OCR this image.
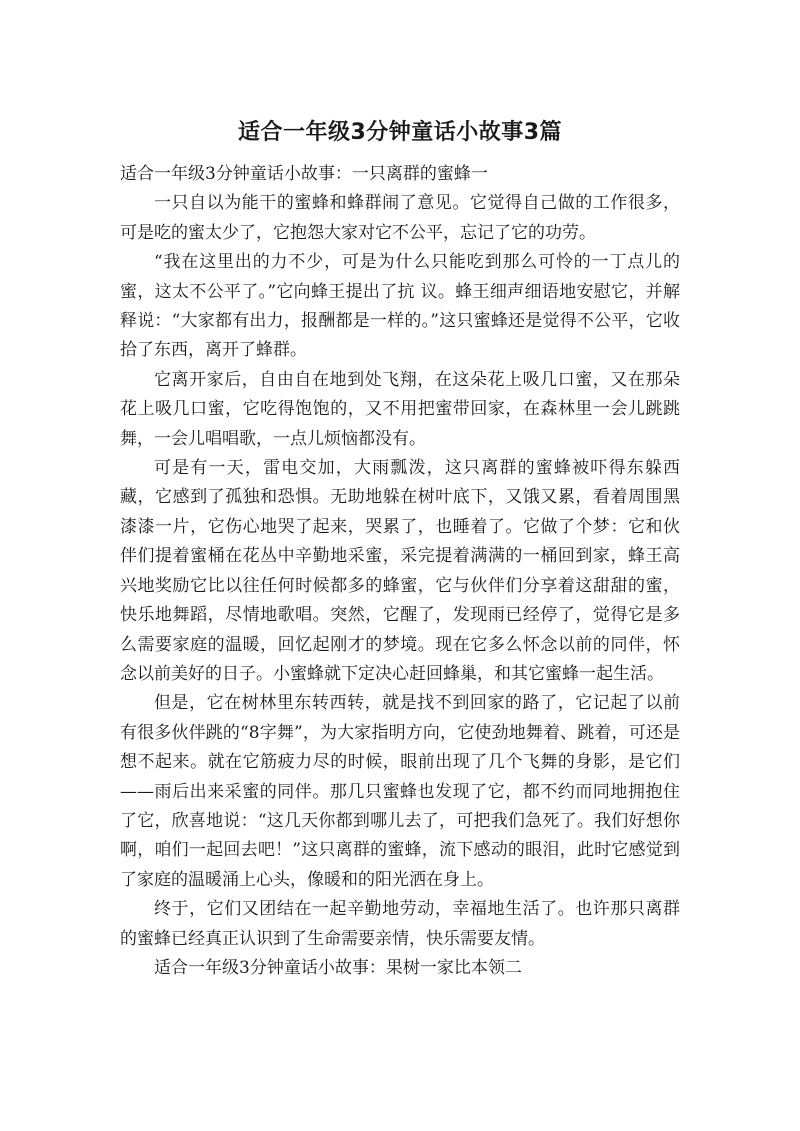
适合一年级3分钟童话小故事3篇

适合一年级3分钟童话小故事：一只离群的蜜蜂一

一只自以为能干的蜜蜂和蜂群闹了意见。它觉得自己做的工作很多，可是吃的蜜太少了，它抱怨大家对它不公平，忘记了它的功劳。

“我在这里出的力不少，可是为什么只能吃到那么可怜的一丁点儿的蜜，这太不公平了。”它向蜂王提出了抗 议。蜂王细声细语地安慰它，并解释说：“大家都有出力，报酬都是一样的。”这只蜜蜂还是觉得不公平，它收拾了东西，离开了蜂群。

它离开家后，自由自在地到处飞翔，在这朵花上吸几口蜜，又在那朵花上吸几口蜜，它吃得饱饱的，又不用把蜜带回家，在森林里一会儿跳跳舞，一会儿唱唱歌，一点儿烦恼都没有。

可是有一天，雷电交加，大雨瓢泼，这只离群的蜜蜂被吓得东躲西藏，它感到了孤独和恐惧。无助地躲在树叶底下，又饿又累，看着周围黑漆漆一片，它伤心地哭了起来，哭累了，也睡着了。它做了个梦：它和伙伴们提着蜜桶在花丛中辛勤地采蜜，采完提着满满的一桶回到家，蜂王高兴地奖励它比以往任何时候都多的蜂蜜，它与伙伴们分享着这甜甜的蜜，快乐地舞蹈，尽情地歌唱。突然，它醒了，发现雨已经停了，觉得它是多么需要家庭的温暖，回忆起刚才的梦境。现在它多么怀念以前的同伴，怀念以前美好的日子。小蜜蜂就下定决心赶回蜂巢，和其它蜜蜂一起生活。

但是，它在树林里东转西转，就是找不到回家的路了，它记起了以前有很多伙伴跳的“8字舞”，为大家指明方向，它使劲地舞着、跳着，可还是想不起来。就在它筋疲力尽的时候，眼前出现了几个飞舞的身影，是它们——雨后出来采蜜的同伴。那几只蜜蜂也发现了它，都不约而同地拥抱住了它，欣喜地说：“这几天你都到哪儿去了，可把我们急死了。我们好想你啊，咱们一起回去吧！”这只离群的蜜蜂，流下感动的眼泪，此时它感觉到了家庭的温暖涌上心头，像暖和的阳光洒在身上。

终于，它们又团结在一起辛勤地劳动，幸福地生活了。也许那只离群的蜜蜂已经真正认识到了生命需要亲情，快乐需要友情。

适合一年级3分钟童话小故事：果树一家比本领二
